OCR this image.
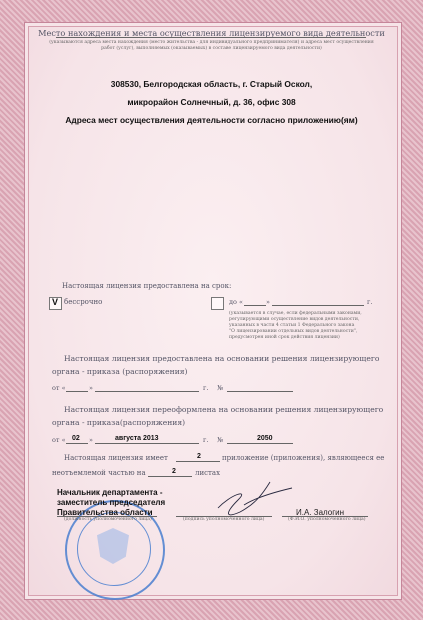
Место нахождения и места осуществления лицензируемого вида деятельности
(указываются адреса места нахождения (место жительства - для индивидуального предпринимателя) и адреса мест осуществления
работ (услуг), выполняемых (оказываемых) в составе лицензируемого вида деятельности)
308530, Белгородская область, г. Старый Оскол,
микрорайон Солнечный, д. 36, офис 308
Адреса мест осуществления деятельности согласно приложению(ям)
Настоящая лицензия предоставлена на срок:
V бессрочно	до «	»	г.
(указывается в случае, если федеральными законами,
регулирующими осуществление видов деятельности,
указанных в части 4 статьи 1 Федерального закона
"О лицензировании отдельных видов деятельности",
предусмотрен иной срок действия лицензии)
Настоящая лицензия предоставлена на основании решения лицензирующего
органа - приказа (распоряжения)
от «	»	г. №
Настоящая лицензия переоформлена на основании решения лицензирующего
органа - приказа(распоряжения)
от « 02 »	августа 2013	г. №	2050
Настоящая лицензия имеет	2	приложение (приложения), являющееся ее
неотъемлемой частью на	2	листах
Начальник департамента -
заместитель председателя
Правительства области
(должность уполномоченного лица)	(подпись уполномоченного лица)
И.А. Залогин
(Ф.И.О. уполномоченного лица)
